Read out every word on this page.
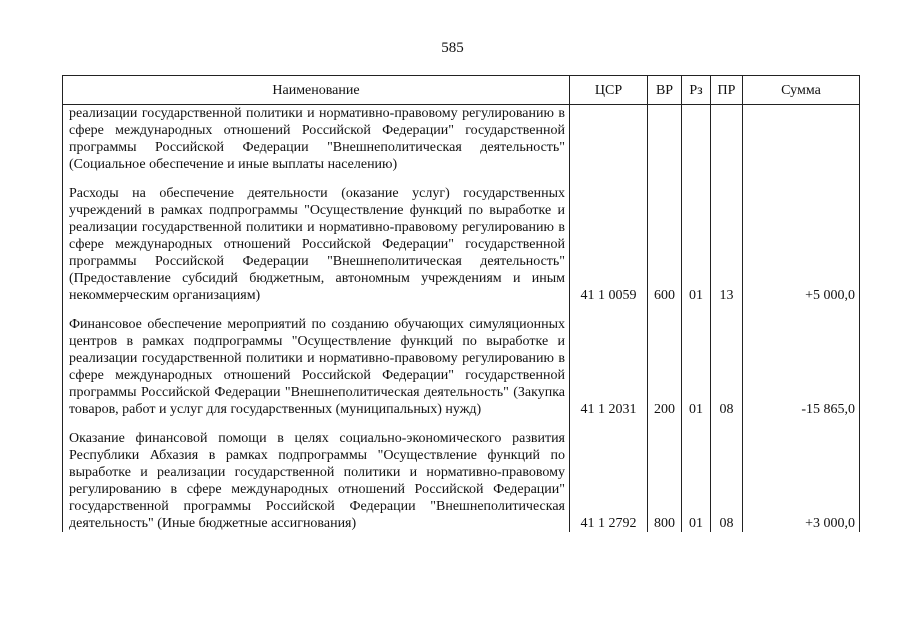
585
Наименование	ЦСР	ВР	Рз	ПР	Сумма

реализации государственной политики и нормативно-правовому регулированию в сфере международных отношений Российской Федерации" государственной программы Российской Федерации "Внешнеполитическая деятельность" (Социальное обеспечение и иные выплаты населению)					

Расходы на обеспечение деятельности (оказание услуг) государственных учреждений в рамках подпрограммы "Осуществление функций по выработке и реализации государственной политики и нормативно-правовому регулированию в сфере международных отношений Российской Федерации" государственной программы Российской Федерации "Внешнеполитическая деятельность" (Предоставление субсидий бюджетным, автономным учреждениям и иным некоммерческим организациям)	41 1 0059	600	01	13	+5 000,0

Финансовое обеспечение мероприятий по созданию обучающих симуляционных центров в рамках подпрограммы "Осуществление функций по выработке и реализации государственной политики и нормативно-правовому регулированию в сфере международных отношений Российской Федерации" государственной программы Российской Федерации "Внешнеполитическая деятельность" (Закупка товаров, работ и услуг для государственных (муниципальных) нужд)	41 1 2031	200	01	08	-15 865,0

Оказание финансовой помощи в целях социально-экономического развития Республики Абхазия в рамках подпрограммы "Осуществление функций по выработке и реализации государственной политики и нормативно-правовому регулированию в сфере международных отношений Российской Федерации" государственной программы Российской Федерации "Внешнеполитическая деятельность" (Иные бюджетные ассигнования)	41 1 2792	800	01	08	+3 000,0
